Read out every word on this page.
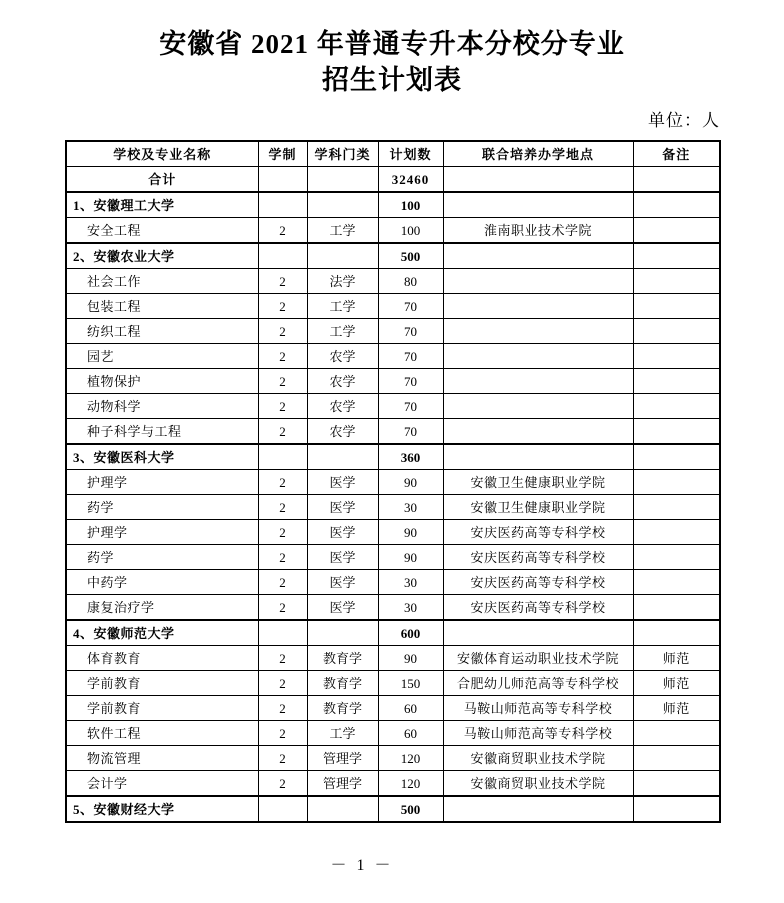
安徽省 2021 年普通专升本分校分专业
招生计划表
单位：人
学校及专业名称	学制	学科门类	计划数	联合培养办学地点	备注
合计			32460		
1、安徽理工大学			100		
安全工程	2	工学	100	淮南职业技术学院	
2、安徽农业大学			500		
社会工作	2	法学	80		
包装工程	2	工学	70		
纺织工程	2	工学	70		
园艺	2	农学	70		
植物保护	2	农学	70		
动物科学	2	农学	70		
种子科学与工程	2	农学	70		
3、安徽医科大学			360		
护理学	2	医学	90	安徽卫生健康职业学院	
药学	2	医学	30	安徽卫生健康职业学院	
护理学	2	医学	90	安庆医药高等专科学校	
药学	2	医学	90	安庆医药高等专科学校	
中药学	2	医学	30	安庆医药高等专科学校	
康复治疗学	2	医学	30	安庆医药高等专科学校	
4、安徽师范大学			600		
体育教育	2	教育学	90	安徽体育运动职业技术学院	师范
学前教育	2	教育学	150	合肥幼儿师范高等专科学校	师范
学前教育	2	教育学	60	马鞍山师范高等专科学校	师范
软件工程	2	工学	60	马鞍山师范高等专科学校	
物流管理	2	管理学	120	安徽商贸职业技术学院	
会计学	2	管理学	120	安徽商贸职业技术学院	
5、安徽财经大学			500		
－ 1 －
